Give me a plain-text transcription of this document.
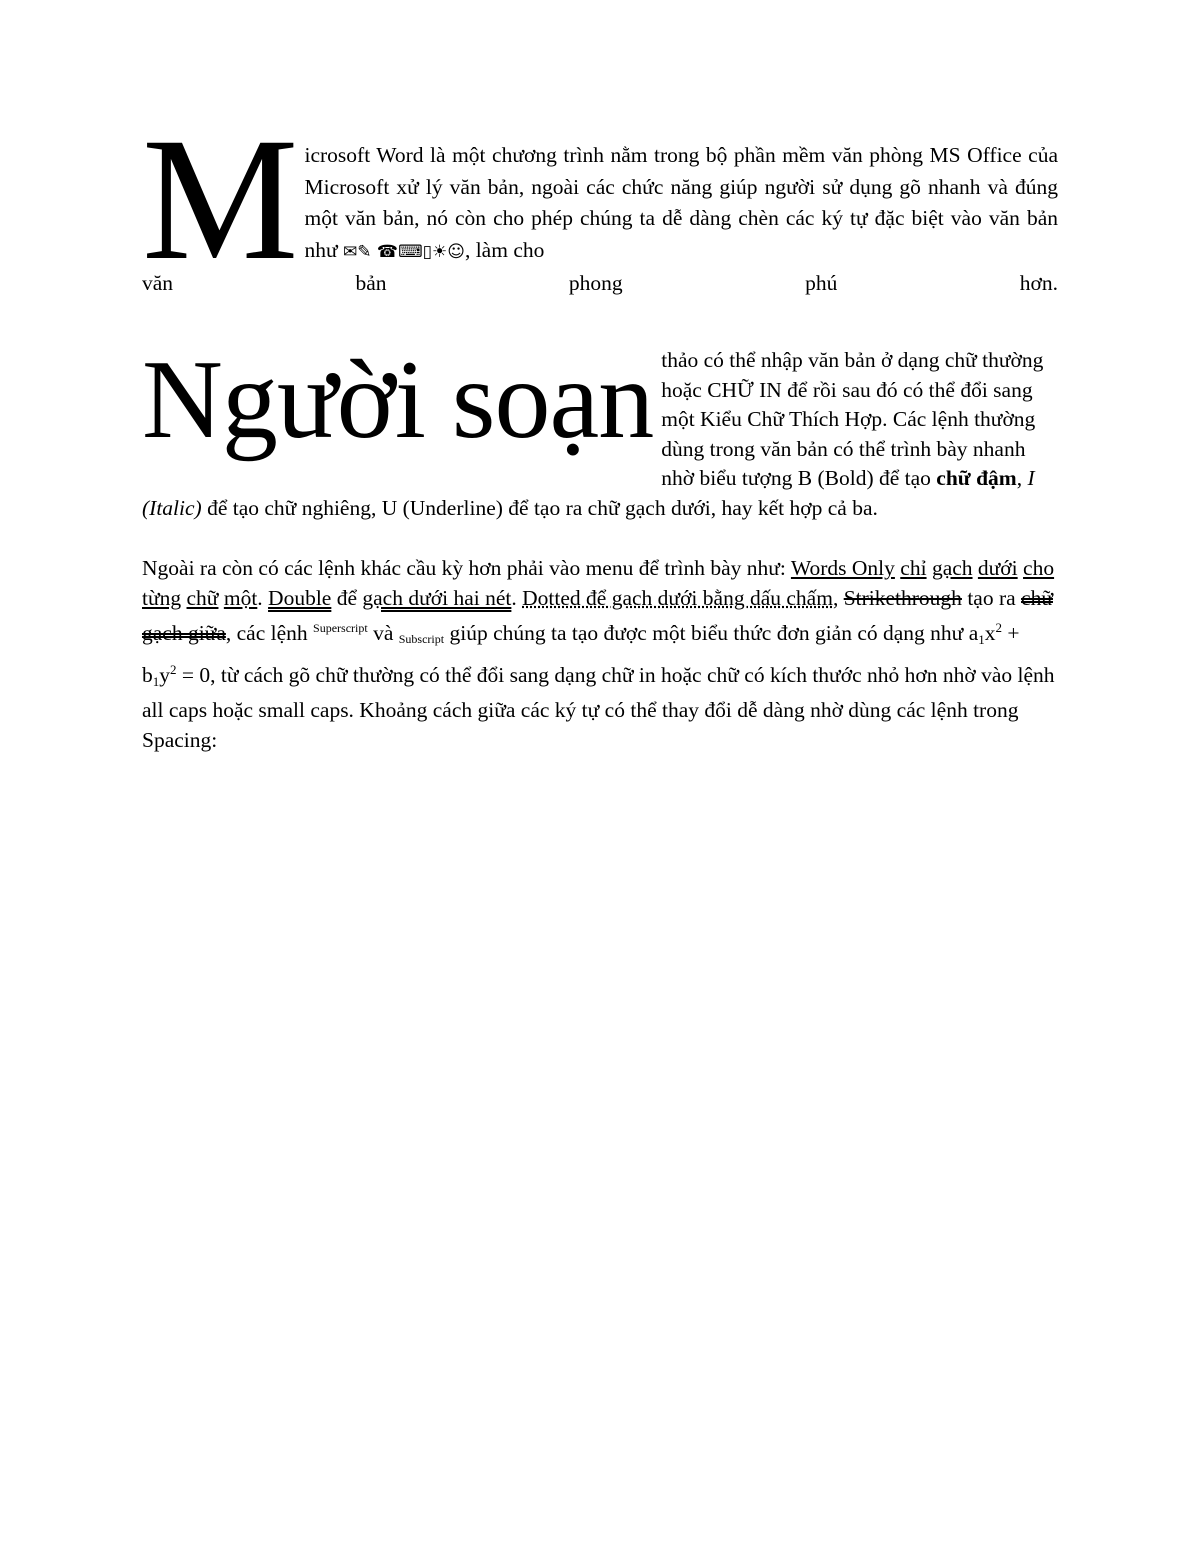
M icrosoft Word là một chương trình nằm trong bộ phần mềm văn phòng MS Office của Microsoft xử lý văn bản, ngoài các chức năng giúp người sử dụng gõ nhanh và đúng một văn bản, nó còn cho phép chúng ta dễ dàng chèn các ký tự đặc biệt vào văn bản như ✉✎ ☎⌨▯☀☺, làm cho
văn bản phong phú hơn.
Người soạn thảo có thể nhập văn bản ở dạng chữ thường hoặc CHỮ IN để rồi sau đó có thể đổi sang một Kiểu Chữ Thích Hợp. Các lệnh thường dùng trong văn bản có thể trình bày nhanh nhờ biểu tượng B (Bold) để tạo chữ đậm, I (Italic) để tạo chữ nghiêng, U (Underline) để tạo ra chữ gạch dưới, hay kết hợp cả ba.
Ngoài ra còn có các lệnh khác cầu kỳ hơn phải vào menu để trình bày như: Words Only chỉ gạch dưới cho từng chữ một. Double để gạch dưới hai nét. Dotted để gạch dưới bằng dấu chấm, Strikethrough tạo ra chữ gạch giữa, các lệnh $^{Superscript}$ và Subscript giúp chúng ta tạo được một biểu thức đơn giản có dạng như $a_1x^2 + b_1y^2 = 0$, từ cách gõ chữ thường có thể đổi sang dạng chữ in hoặc chữ có kích thước nhỏ hơn nhờ vào lệnh all caps hoặc small caps. Khoảng cách giữa các ký tự có thể thay đổi dễ dàng nhờ dùng các lệnh trong Spacing:
